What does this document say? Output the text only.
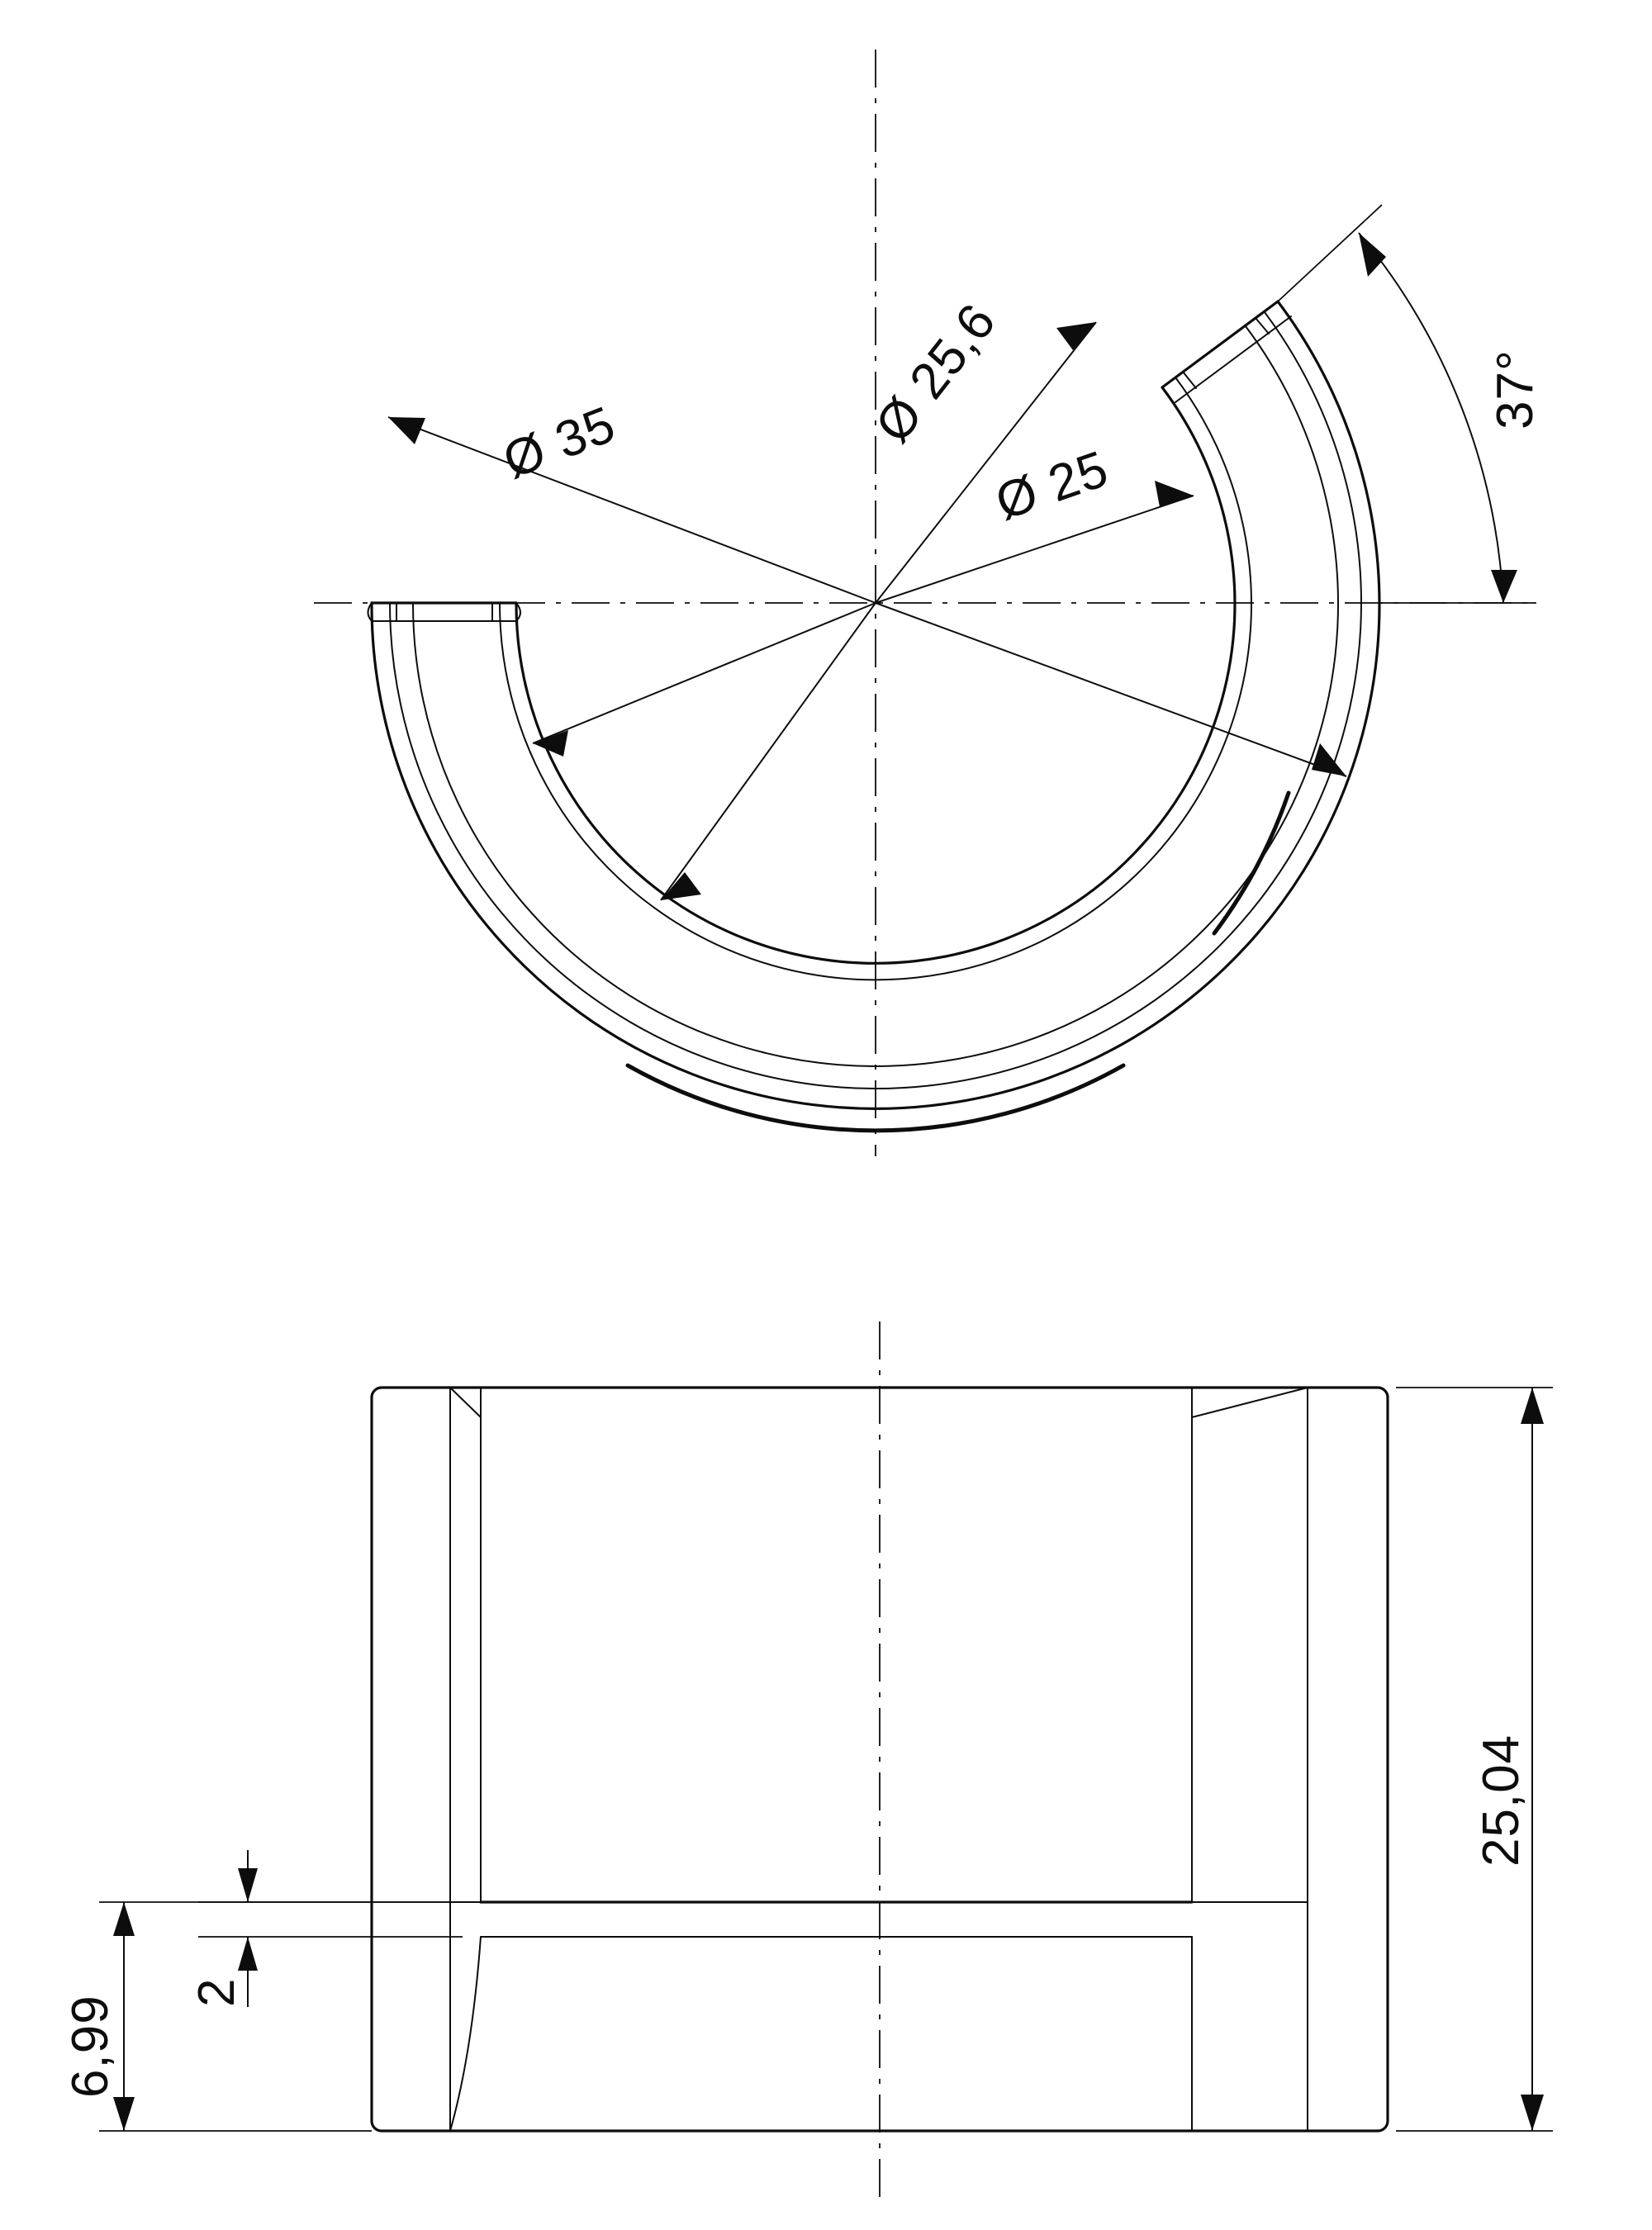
Ø 35	Ø 25,6
Ø 25
37°
25,04
6,99
2
